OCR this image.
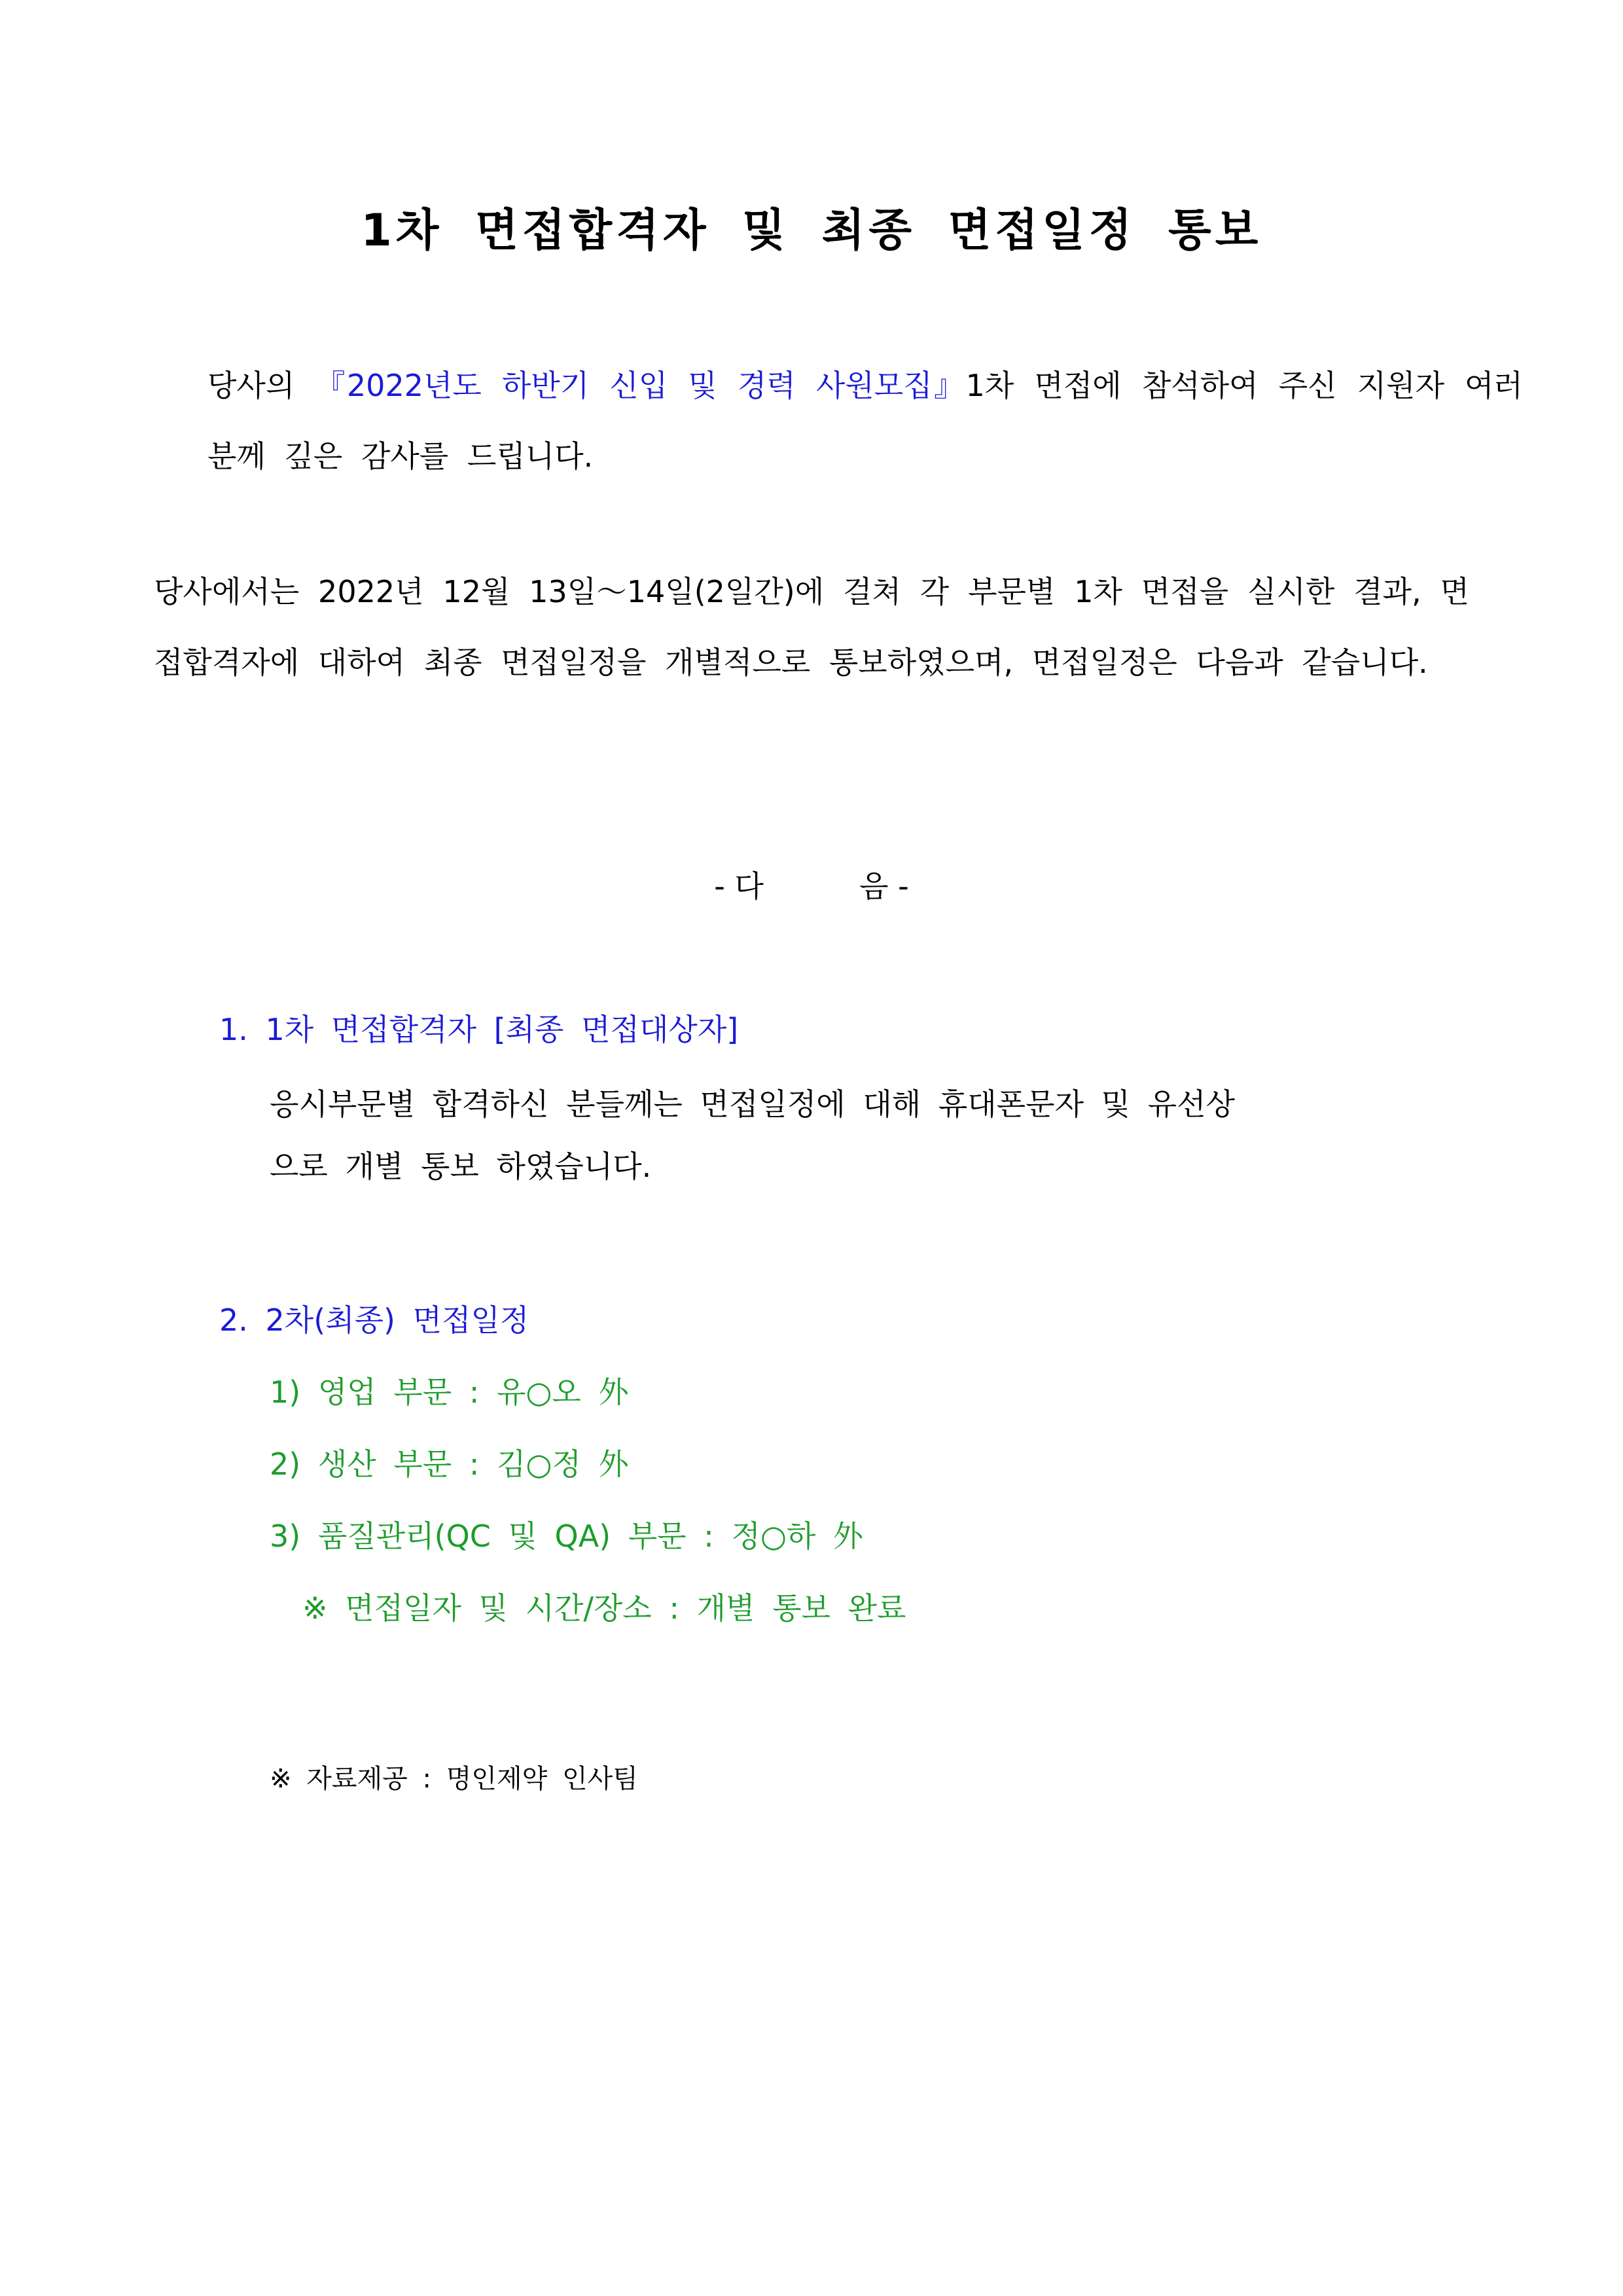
1차 면접합격자 및 최종 면접일정 통보
당사의 『2022년도 하반기 신입 및 경력 사원모집』1차 면접에 참석하여 주신 지원자 여러분께 깊은 감사를 드립니다.
당사에서는 2022년 12월 13일～14일(2일간)에 걸쳐 각 부문별 1차 면접을 실시한 결과, 면접합격자에 대하여 최종 면접일정을 개별적으로 통보하였으며, 면접일정은 다음과 같습니다.
- 다          음 -
1. 1차 면접합격자 [최종 면접대상자]
응시부문별 합격하신 분들께는 면접일정에 대해 휴대폰문자 및 유선상
으로 개별 통보 하였습니다.
2. 2차(최종) 면접일정
1) 영업 부문 : 유○오 外
2) 생산 부문 : 김○정 外
3) 품질관리(QC 및 QA) 부문 : 정○하 外
※ 면접일자 및 시간/장소 : 개별 통보 완료
※ 자료제공 : 명인제약 인사팀
